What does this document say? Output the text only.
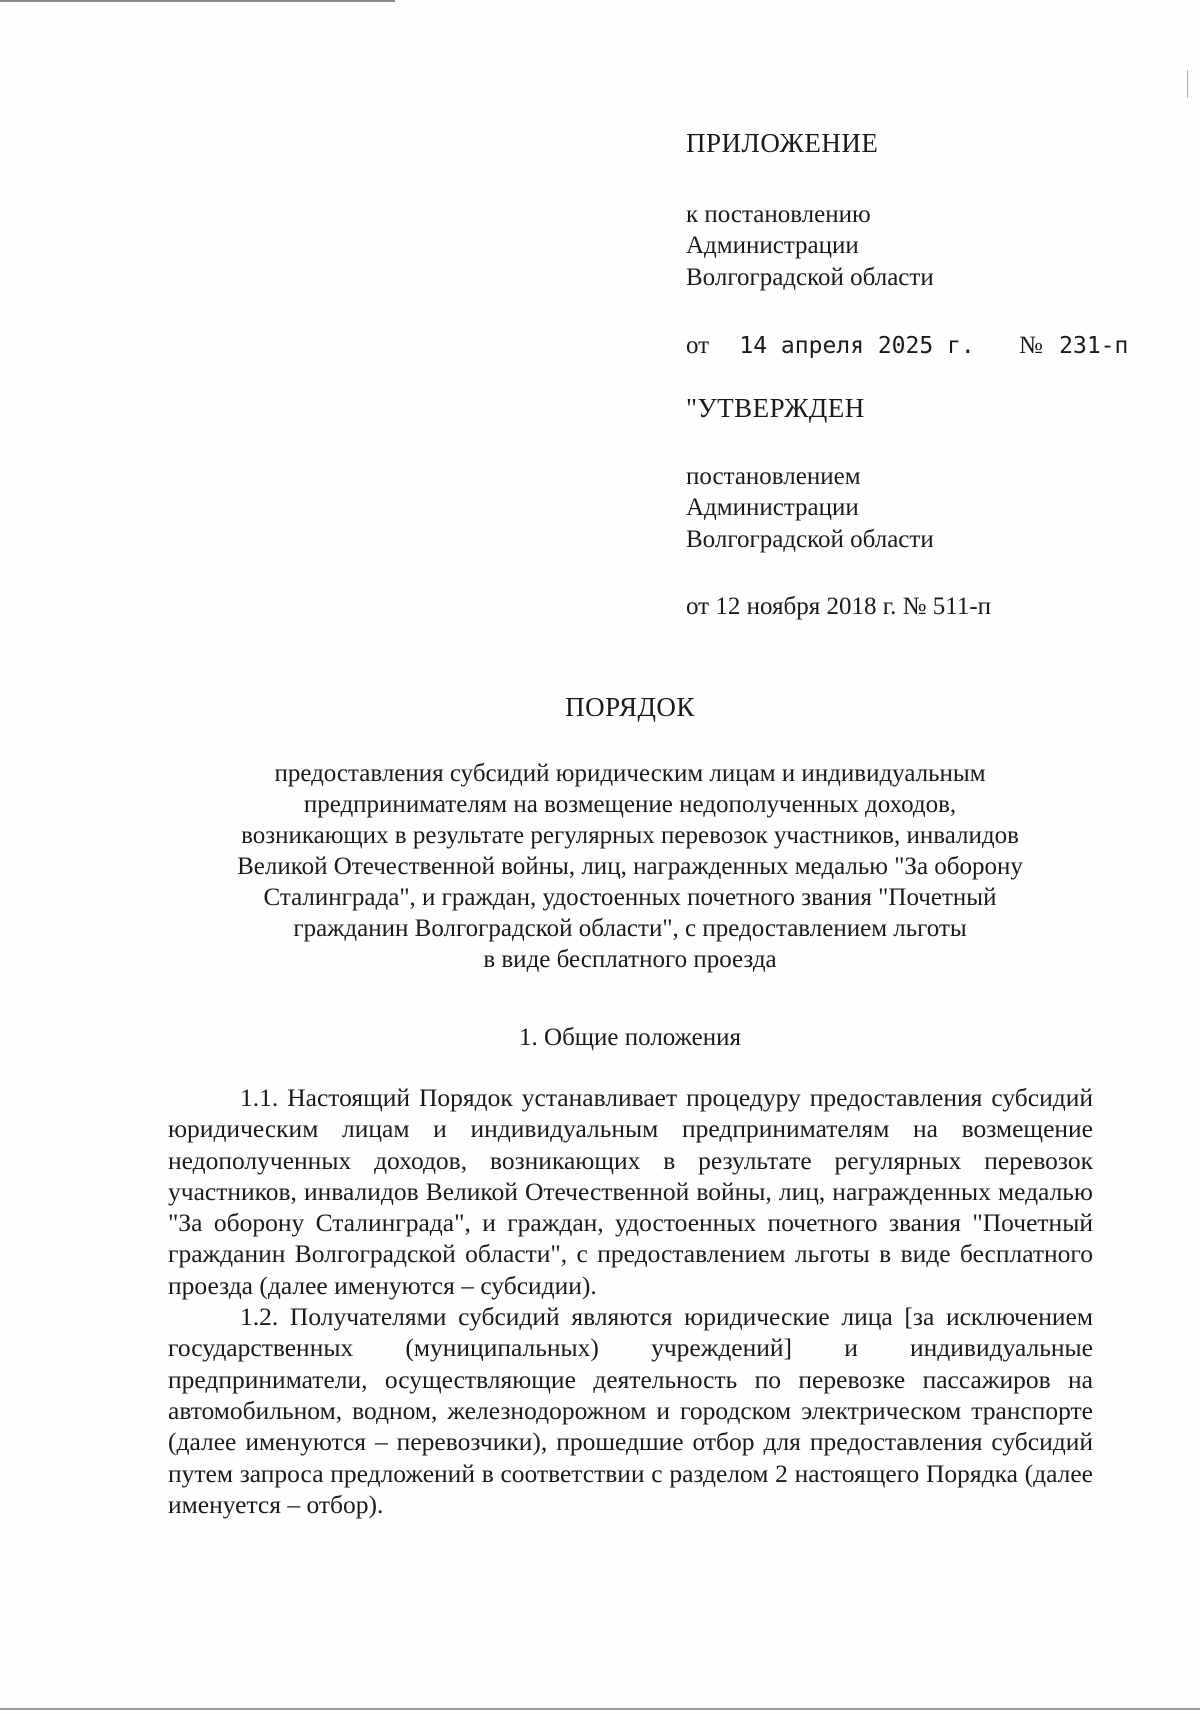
ПРИЛОЖЕНИЕ
к постановлению
Администрации
Волгоградской области
от 14 апреля 2025 г. № 231-п
"УТВЕРЖДЕН
постановлением
Администрации
Волгоградской области
от 12 ноября 2018 г. № 511-п
ПОРЯДОК
предоставления субсидий юридическим лицам и индивидуальным
предпринимателям на возмещение недополученных доходов,
возникающих в результате регулярных перевозок участников, инвалидов
Великой Отечественной войны, лиц, награжденных медалью "За оборону
Сталинграда", и граждан, удостоенных почетного звания "Почетный
гражданин Волгоградской области", с предоставлением льготы
в виде бесплатного проезда
1. Общие положения

1.1. Настоящий Порядок устанавливает процедуру предоставления субсидий юридическим лицам и индивидуальным предпринимателям на возмещение недополученных доходов, возникающих в результате регулярных перевозок участников, инвалидов Великой Отечественной войны, лиц, награжденных медалью "За оборону Сталинграда", и граждан, удостоенных почетного звания "Почетный гражданин Волгоградской области", с предоставлением льготы в виде бесплатного проезда (далее именуются – субсидии).

1.2. Получателями субсидий являются юридические лица [за исключением государственных (муниципальных) учреждений] и индивидуальные предприниматели, осуществляющие деятельность по перевозке пассажиров на автомобильном, водном, железнодорожном и городском электрическом транспорте (далее именуются – перевозчики), прошедшие отбор для предоставления субсидий путем запроса предложений в соответствии с разделом 2 настоящего Порядка (далее именуется – отбор).
